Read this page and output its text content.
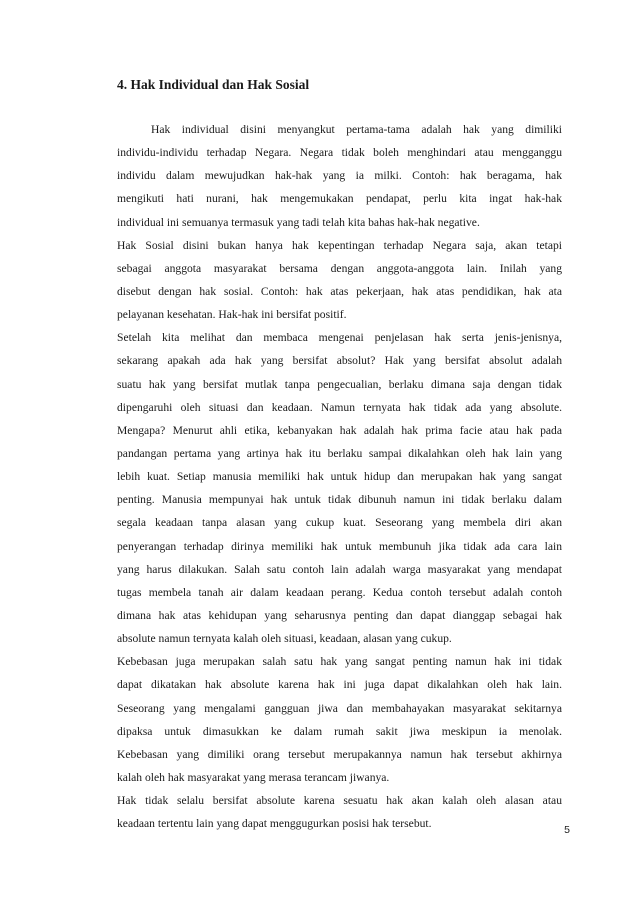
4. Hak Individual dan Hak Sosial
Hak individual disini menyangkut pertama-tama adalah hak yang dimiliki
individu-individu terhadap Negara. Negara tidak boleh menghindari atau mengganggu
individu dalam mewujudkan hak-hak yang ia milki. Contoh: hak beragama, hak
mengikuti hati nurani, hak mengemukakan pendapat, perlu kita ingat hak-hak
individual ini semuanya termasuk yang tadi telah kita bahas hak-hak negative.
Hak Sosial disini bukan hanya hak kepentingan terhadap Negara saja, akan tetapi
sebagai anggota masyarakat bersama dengan anggota-anggota lain. Inilah yang
disebut dengan hak sosial. Contoh: hak atas pekerjaan, hak atas pendidikan, hak ata
pelayanan kesehatan. Hak-hak ini bersifat positif.
Setelah kita melihat dan membaca mengenai penjelasan hak serta jenis-jenisnya,
sekarang apakah ada hak yang bersifat absolut? Hak yang bersifat absolut adalah
suatu hak yang bersifat mutlak tanpa pengecualian, berlaku dimana saja dengan tidak
dipengaruhi oleh situasi dan keadaan. Namun ternyata hak tidak ada yang absolute.
Mengapa? Menurut ahli etika, kebanyakan hak adalah hak prima facie atau hak pada
pandangan pertama yang artinya hak itu berlaku sampai dikalahkan oleh hak lain yang
lebih kuat. Setiap manusia memiliki hak untuk hidup dan merupakan hak yang sangat
penting. Manusia mempunyai hak untuk tidak dibunuh namun ini tidak berlaku dalam
segala keadaan tanpa alasan yang cukup kuat. Seseorang yang membela diri akan
penyerangan terhadap dirinya memiliki hak untuk membunuh jika tidak ada cara lain
yang harus dilakukan. Salah satu contoh lain adalah warga masyarakat yang mendapat
tugas membela tanah air dalam keadaan perang. Kedua contoh tersebut adalah contoh
dimana hak atas kehidupan yang seharusnya penting dan dapat dianggap sebagai hak
absolute namun ternyata kalah oleh situasi, keadaan, alasan yang cukup.
Kebebasan juga merupakan salah satu hak yang sangat penting namun hak ini tidak
dapat dikatakan hak absolute karena hak ini juga dapat dikalahkan oleh hak lain.
Seseorang yang mengalami gangguan jiwa dan membahayakan masyarakat sekitarnya
dipaksa untuk dimasukkan ke dalam rumah sakit jiwa meskipun ia menolak.
Kebebasan yang dimiliki orang tersebut merupakannya namun hak tersebut akhirnya
kalah oleh hak masyarakat yang merasa terancam jiwanya.
Hak tidak selalu bersifat absolute karena sesuatu hak akan kalah oleh alasan atau
keadaan tertentu lain yang dapat menggugurkan posisi hak tersebut.	5
